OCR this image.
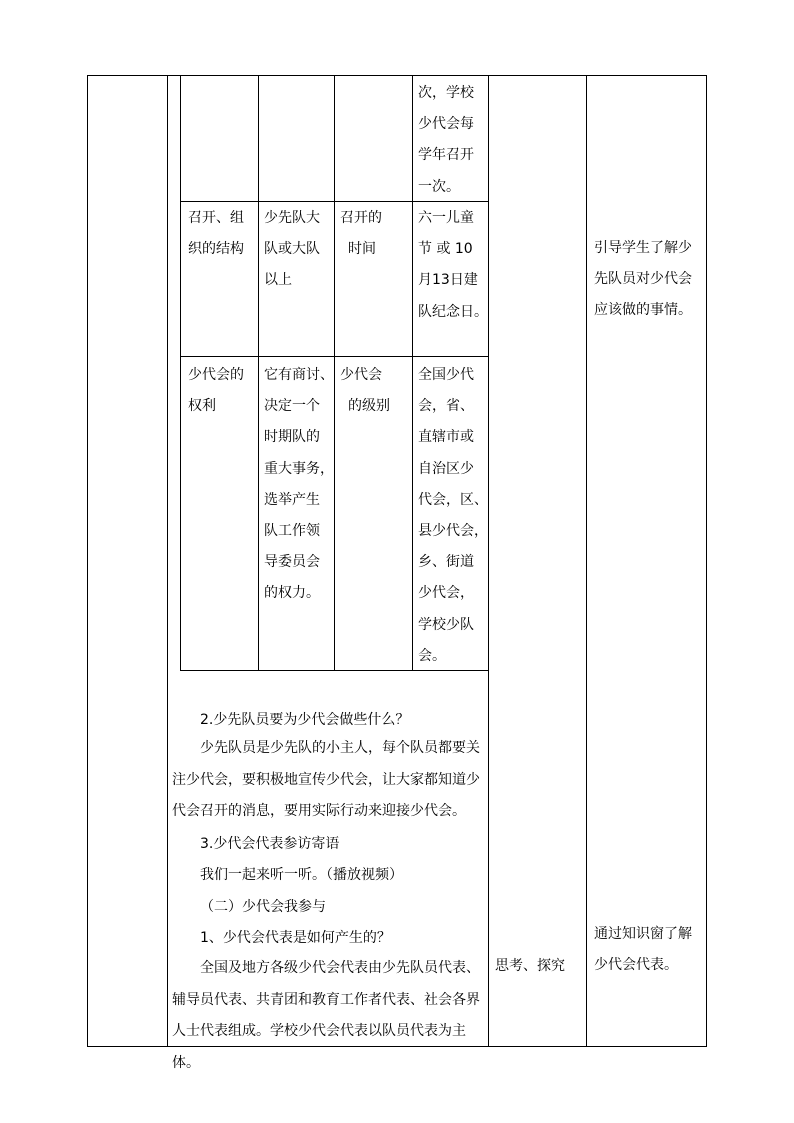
次，学校
少代会每
学年召开
一次。
召开、组
织的结构
少先队大
队或大队
以上
召开的
时间
六一儿童
节 或 10
月13日建
队纪念日。
少代会的
权利
它有商讨、
决定一个
时期队的
重大事务，
选举产生
队工作领
导委员会
的权力。
少代会
的级别
全国少代
会，省、
直辖市或
自治区少
代会，区、
县少代会，
乡、街道
少代会，
学校少队
会。
2.少先队员要为少代会做些什么？
少先队员是少先队的小主人，每个队员都要关
注少代会，要积极地宣传少代会，让大家都知道少
代会召开的消息，要用实际行动来迎接少代会。
3.少代会代表参访寄语
我们一起来听一听。（播放视频）
（二）少代会我参与
1、少代会代表是如何产生的？
全国及地方各级少代会代表由少先队员代表、
辅导员代表、共青团和教育工作者代表、社会各界
人士代表组成。学校少代会代表以队员代表为主体。
思考、探究
引导学生了解少
先队员对少代会
应该做的事情。
通过知识窗了解
少代会代表。
